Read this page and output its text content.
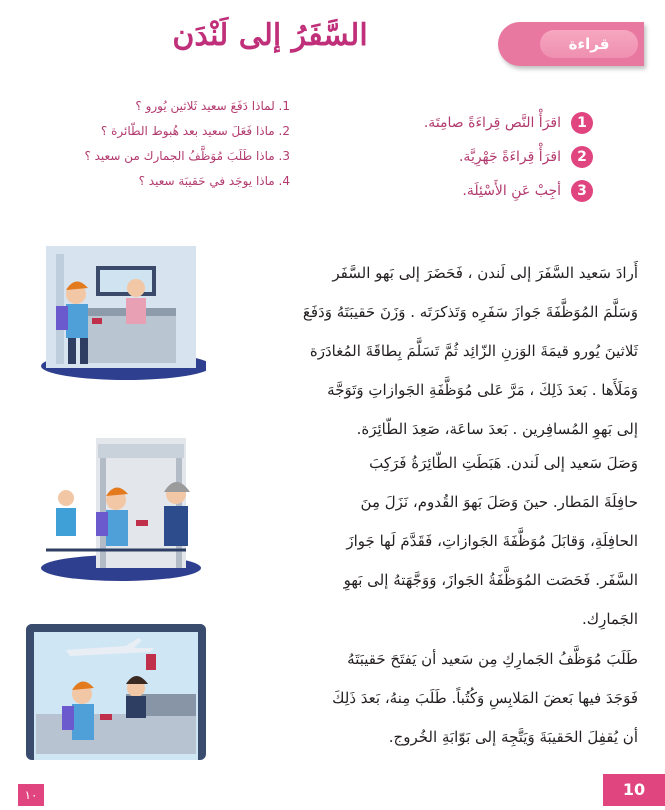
قراءة
السَّفَرُ إلى لَنْدَن
1
اقرَأْ النَّص قِراءَةً صامِتَة.
2
اقرَأْ قِراءَةً جَهْرِيَّة.
3
أجِبْ عَنِ الأَسْئِلَة.
1. لماذا دَفَعَ سعيد ثَلاثين يُورو ؟
2. ماذا فَعَلَ سعيد بعد هُبوط الطّائرة ؟
3. ماذا طَلَبَ مُوَظَّفُ الجمارك من سعيد ؟
4. ماذا يوجَد في حَقيبَة سعيد ؟
أَرادَ سَعيد السَّفَرَ إلى لَندن ، فَحَضَرَ إلى بَهو السَّفَر
وَسَلَّمَ المُوَظَّفَةَ جَوازَ سَفَرِه وَتَذكرَتَه . وَزَنَ حَقيبَتَهُ وَدَفَعَ
ثَلاثينَ يُورو قيمَةَ الوَزنِ الزّائِد ثُمَّ تَسَلَّمَ بِطاقَةَ المُغادَرَة
وَمَلَأَها . بَعدَ ذَلِكَ ، مَرَّ عَلى مُوَظَّفَةِ الجَوازاتِ وَتَوَجَّهَ
إلى بَهوِ المُسافِرين . بَعدَ ساعَة، صَعِدَ الطّائِرَة.
وَصَلَ سَعيد إلى لَندن. هَبَطَتِ الطّائِرَةُ فَرَكِبَ
حافِلَةَ المَطار. حينَ وَصَلَ بَهوَ القُدوم، نَزَلَ مِنَ
الحافِلَةِ، وَقابَلَ مُوَظَّفَةَ الجَوازاتِ، فَقَدَّمَ لَها جَوازَ
السَّفَر. فَحَصَت المُوَظَّفَةُ الجَوازَ، وَوَجَّهَتهُ إلى بَهوِ
الجَمارِك.
طَلَبَ مُوَظَّفُ الجَمارِكِ مِن سَعيد أن يَفتَحَ حَقيبَتَهُ
فَوَجَدَ فيها بَعضَ المَلابِسِ وَكُتُباً. طَلَبَ مِنهُ، بَعدَ ذَلِكَ
أن يُقفِلَ الحَقيبَةَ وَيَتَّجِهَ إلى بَوّابَةِ الخُروج.
١٠	10
